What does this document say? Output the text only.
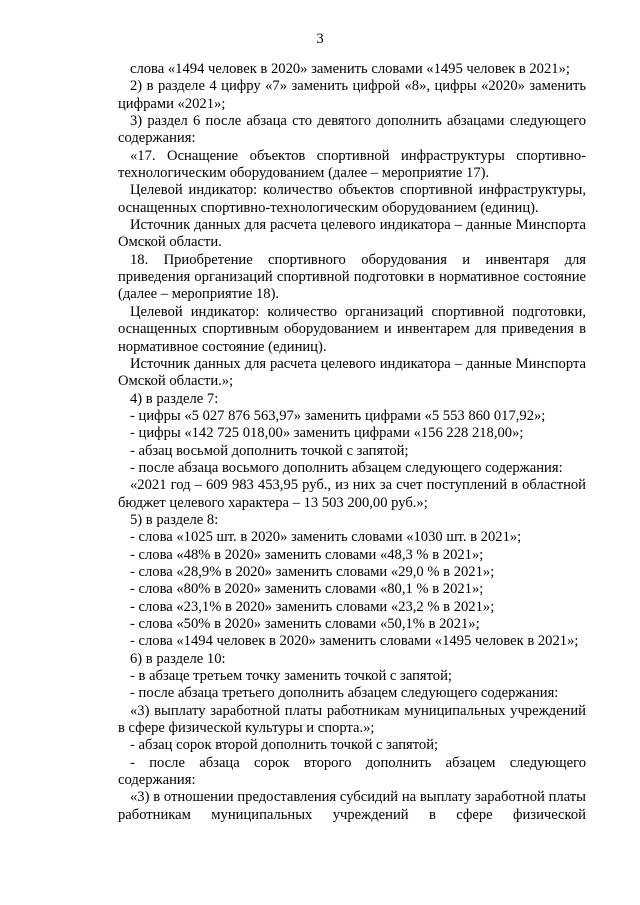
3

слова «1494 человек в 2020» заменить словами «1495 человек в 2021»;

2) в разделе 4 цифру «7» заменить цифрой «8», цифры «2020» заменить цифрами «2021»;

3) раздел 6 после абзаца сто девятого дополнить абзацами следующего содержания:

«17. Оснащение объектов спортивной инфраструктуры спортивно-технологическим оборудованием (далее – мероприятие 17).

Целевой индикатор: количество объектов спортивной инфраструктуры, оснащенных спортивно-технологическим оборудованием (единиц).

Источник данных для расчета целевого индикатора – данные Минспорта Омской области.

18. Приобретение спортивного оборудования и инвентаря для приведения организаций спортивной подготовки в нормативное состояние (далее – мероприятие 18).

Целевой индикатор: количество организаций спортивной подготовки, оснащенных спортивным оборудованием и инвентарем для приведения в нормативное состояние (единиц).

Источник данных для расчета целевого индикатора – данные Минспорта Омской области.»;

4) в разделе 7:

- цифры «5 027 876 563,97» заменить цифрами «5 553 860 017,92»;

- цифры «142 725 018,00» заменить цифрами «156 228 218,00»;

- абзац восьмой дополнить точкой с запятой;

- после абзаца восьмого дополнить абзацем следующего содержания:

«2021 год – 609 983 453,95 руб., из них за счет поступлений в областной бюджет целевого характера – 13 503 200,00 руб.»;

5) в разделе 8:

- слова «1025 шт. в 2020» заменить словами «1030 шт. в 2021»;

- слова «48% в 2020» заменить словами «48,3 % в 2021»;

- слова «28,9% в 2020» заменить словами «29,0 % в 2021»;

- слова «80% в 2020» заменить словами «80,1 % в 2021»;

- слова «23,1% в 2020» заменить словами «23,2 % в 2021»;

- слова «50% в 2020» заменить словами «50,1% в 2021»;

- слова «1494 человек в 2020» заменить словами «1495 человек в 2021»;

6) в разделе 10:

- в абзаце третьем точку заменить точкой с запятой;

- после абзаца третьего дополнить абзацем следующего содержания:

«3) выплату заработной платы работникам муниципальных учреждений в сфере физической культуры и спорта.»;

- абзац сорок второй дополнить точкой с запятой;

- после абзаца сорок второго дополнить абзацем следующего содержания:

«3) в отношении предоставления субсидий на выплату заработной платы работникам муниципальных учреждений в сфере физической
